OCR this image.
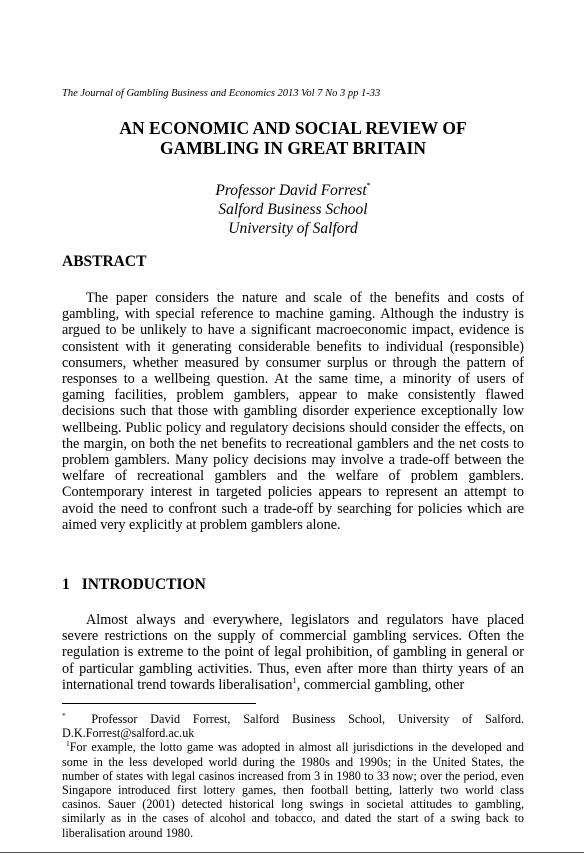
The Journal of Gambling Business and Economics 2013 Vol 7 No 3 pp 1-33
AN ECONOMIC AND SOCIAL REVIEW OF
GAMBLING IN GREAT BRITAIN
Professor David Forrest*
Salford Business School
University of Salford
ABSTRACT
The paper considers the nature and scale of the benefits and costs of gambling, with special reference to machine gaming. Although the industry is argued to be unlikely to have a significant macroeconomic impact, evidence is consistent with it generating considerable benefits to individual (responsible) consumers, whether measured by consumer surplus or through the pattern of responses to a wellbeing question. At the same time, a minority of users of gaming facilities, problem gamblers, appear to make consistently flawed decisions such that those with gambling disorder experience exceptionally low wellbeing. Public policy and regulatory decisions should consider the effects, on the margin, on both the net benefits to recreational gamblers and the net costs to problem gamblers. Many policy decisions may involve a trade-off between the welfare of recreational gamblers and the welfare of problem gamblers. Contemporary interest in targeted policies appears to represent an attempt to avoid the need to confront such a trade-off by searching for policies which are aimed very explicitly at problem gamblers alone.
1 INTRODUCTION
Almost always and everywhere, legislators and regulators have placed severe restrictions on the supply of commercial gambling services. Often the regulation is extreme to the point of legal prohibition, of gambling in general or of particular gambling activities. Thus, even after more than thirty years of an international trend towards liberalisation$^1$, commercial gambling, other
* Professor David Forrest, Salford Business School, University of Salford. D.K.Forrest@salford.ac.uk
$^1$For example, the lotto game was adopted in almost all jurisdictions in the developed and some in the less developed world during the 1980s and 1990s; in the United States, the number of states with legal casinos increased from 3 in 1980 to 33 now; over the period, even Singapore introduced first lottery games, then football betting, latterly two world class casinos. Sauer (2001) detected historical long swings in societal attitudes to gambling, similarly as in the cases of alcohol and tobacco, and dated the start of a swing back to liberalisation around 1980.
